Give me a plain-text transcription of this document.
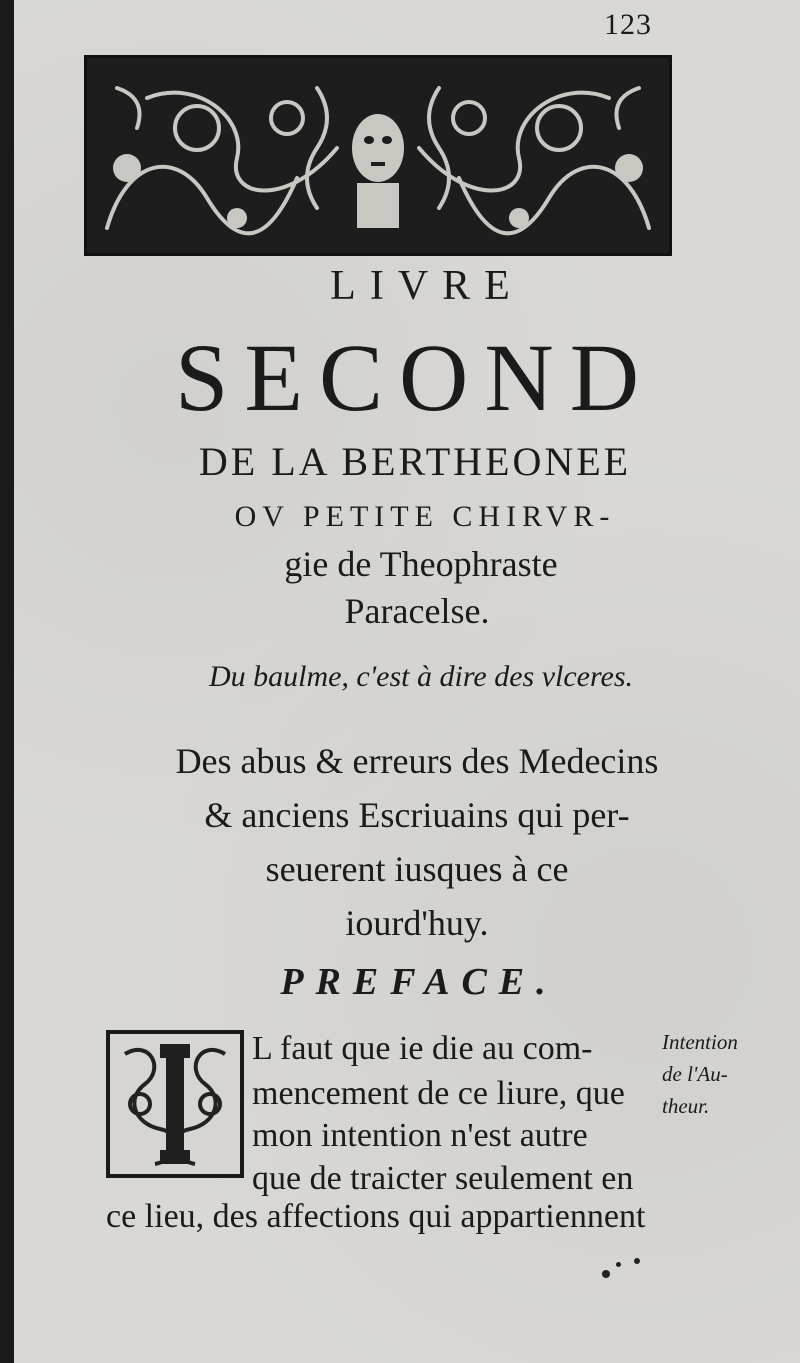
123
LIVRE
SECOND
DE LA BERTHEONEE
OV PETITE CHIRVR-
gie de Theophraste
Paracelse.
Du baulme, c'est à dire des vlceres.
Des abus & erreurs des Medecins
& anciens Escriuains qui per-
seuerent iusques à ce
iourd'huy.
PREFACE.
L faut que ie die au com-
mencement de ce liure, que
mon intention n'est autre
que de traicter seulement en
ce lieu, des affections qui appartiennent
Intention
de l'Au-
theur.
